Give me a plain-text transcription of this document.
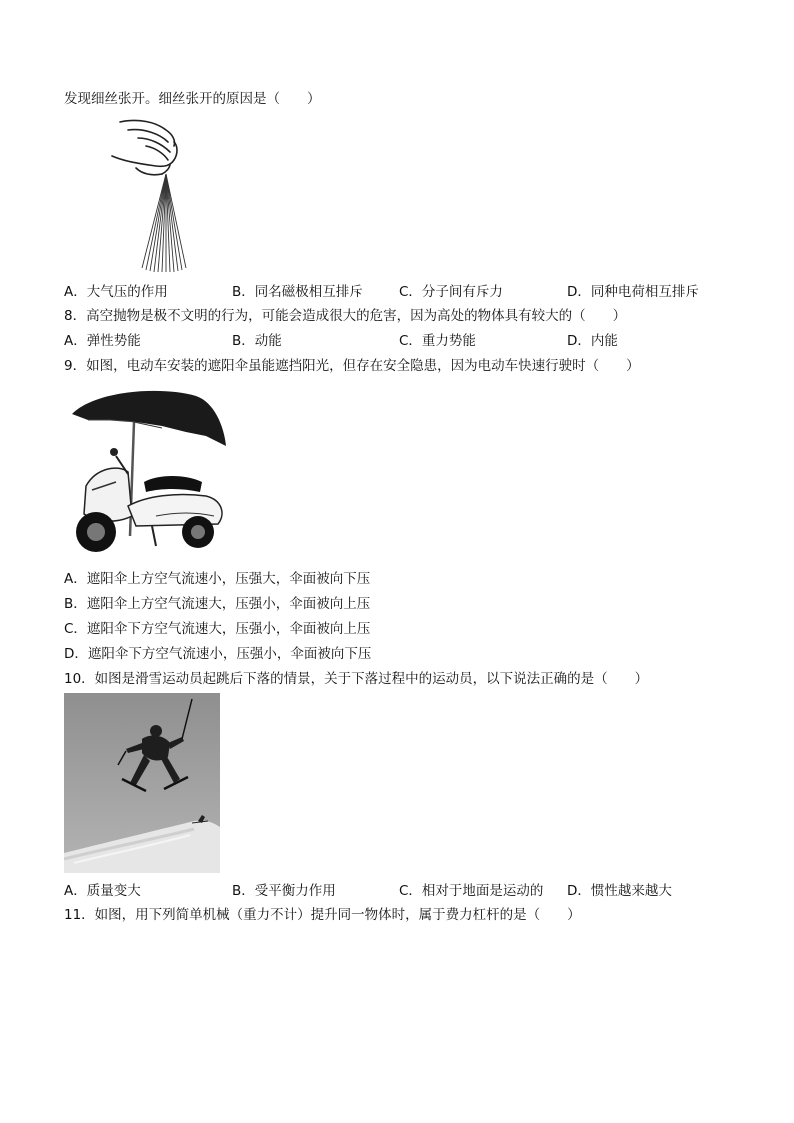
发现细丝张开。细丝张开的原因是（　　）
A．大气压的作用	B．同名磁极相互排斥	C．分子间有斥力	D．同种电荷相互排斥
8．高空抛物是极不文明的行为，可能会造成很大的危害，因为高处的物体具有较大的（　　）
A．弹性势能	B．动能	C．重力势能	D．内能
9．如图，电动车安装的遮阳伞虽能遮挡阳光，但存在安全隐患，因为电动车快速行驶时（　　）
A．遮阳伞上方空气流速小，压强大，伞面被向下压
B．遮阳伞上方空气流速大，压强小，伞面被向上压
C．遮阳伞下方空气流速大，压强小，伞面被向上压
D．遮阳伞下方空气流速小，压强小，伞面被向下压
10．如图是滑雪运动员起跳后下落的情景，关于下落过程中的运动员，以下说法正确的是（　　）
A．质量变大	B．受平衡力作用	C．相对于地面是运动的 D．惯性越来越大
11．如图，用下列简单机械（重力不计）提升同一物体时，属于费力杠杆的是（　　）
